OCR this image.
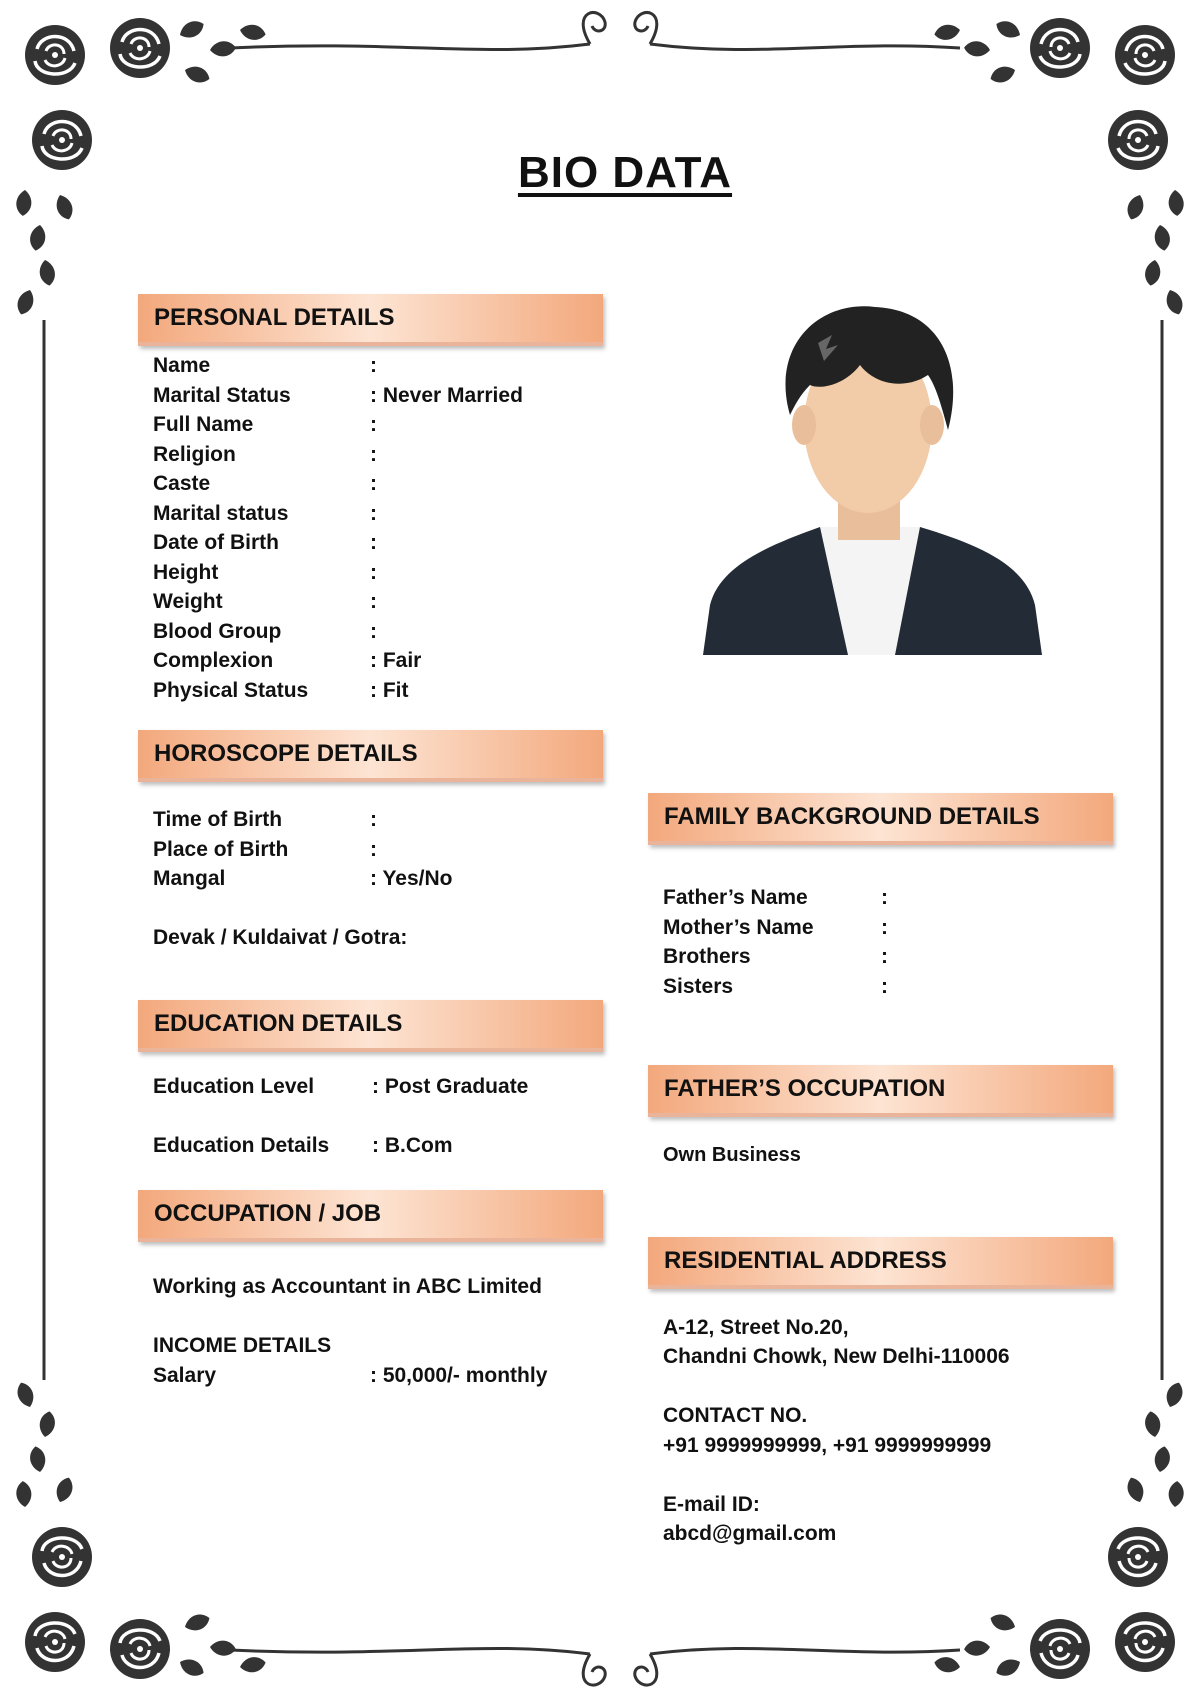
BIO DATA
PERSONAL DETAILS
Name	:
Marital Status	: Never Married
Full Name	:
Religion	:
Caste	:
Marital status	:
Date of Birth	:
Height	:
Weight	:
Blood Group	:
Complexion	: Fair
Physical Status	: Fit
HOROSCOPE DETAILS
Time of Birth	:
Place of Birth	:
Mangal	: Yes/No
Devak / Kuldaivat / Gotra:
FAMILY BACKGROUND DETAILS
Father’s Name	:
Mother’s Name	:
Brothers	:
Sisters	:
EDUCATION DETAILS
Education Level	: Post Graduate
Education Details : B.Com
FATHER’S OCCUPATION
Own Business
OCCUPATION / JOB
Working as Accountant in ABC Limited
INCOME DETAILS
Salary	: 50,000/- monthly
RESIDENTIAL ADDRESS
A-12, Street No.20,
Chandni Chowk, New Delhi-110006
CONTACT NO.
+91 9999999999, +91 9999999999
E-mail ID:
abcd@gmail.com
